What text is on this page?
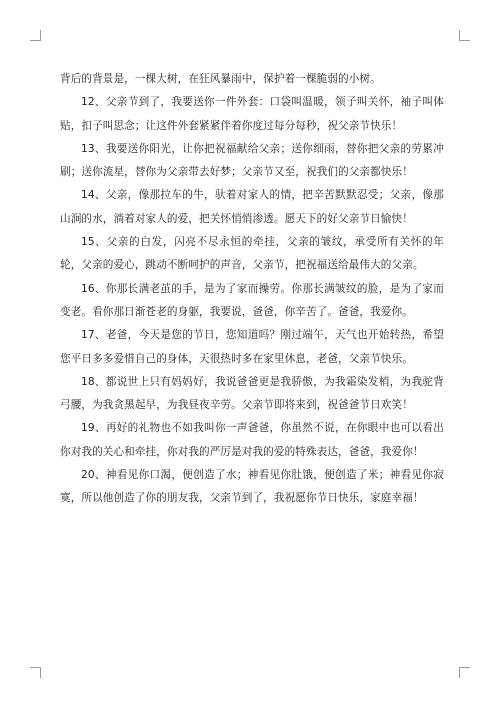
背后的背景是，一棵大树，在狂风暴雨中，保护着一棵脆弱的小树。

12、父亲节到了，我要送你一件外套：口袋叫温暖，领子叫关怀，袖子叫体贴，扣子叫思念；让这件外套紧紧伴着你度过每分每秒，祝父亲节快乐！

13、我要送你阳光，让你把祝福献给父亲；送你细雨，替你把父亲的劳累冲刷；送你流星，替你为父亲带去好梦；父亲节又至，祝我们的父亲都快乐！

14、父亲，像那拉车的牛，驮着对家人的情，把辛苦默默忍受；父亲，像那山涧的水，淌着对家人的爱，把关怀悄悄渗透。愿天下的好父亲节日愉快！

15、父亲的白发，闪亮不尽永恒的牵挂，父亲的皱纹，承受所有关怀的年轮，父亲的爱心，跳动不断呵护的声音，父亲节，把祝福送给最伟大的父亲。

16、你那长满老茧的手，是为了家而操劳。你那长满皱纹的脸，是为了家而变老。看你那日渐苍老的身躯，我要说，爸爸，你辛苦了。爸爸，我爱你。

17、老爸，今天是您的节日，您知道吗？刚过端午，天气也开始转热，希望您平日多多爱惜自己的身体，天很热时多在家里休息，老爸，父亲节快乐。

18、都说世上只有妈妈好，我说爸爸更是我骄傲，为我霜染发梢，为我驼背弓腰，为我贪黑起早，为我昼夜辛劳。父亲节即将来到，祝爸爸节日欢笑！

19、再好的礼物也不如我叫你一声爸爸，你虽然不说，在你眼中也可以看出你对我的关心和牵挂，你对我的严厉是对我的爱的特殊表达，爸爸，我爱你！

20、神看见你口渴，便创造了水；神看见你肚饿，便创造了米；神看见你寂寞，所以他创造了你的朋友我，父亲节到了，我祝愿你节日快乐，家庭幸福！
